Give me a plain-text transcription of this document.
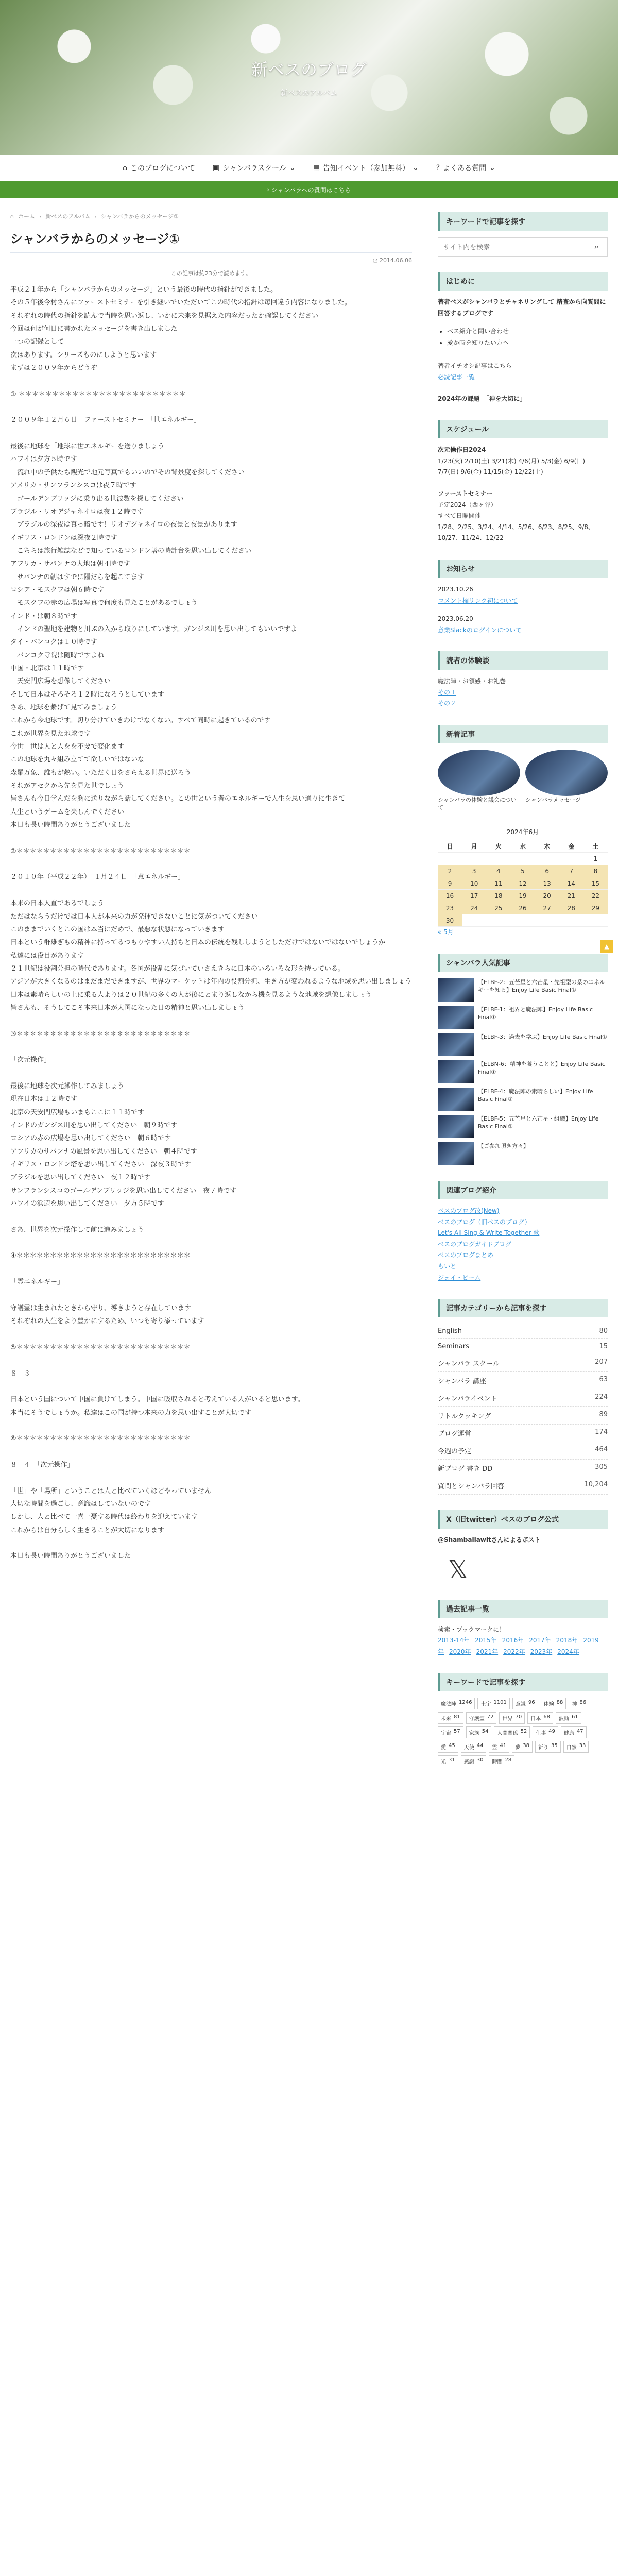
新ベスのブログ

新ベスのアルバム

⌂ このブログについて ▣ シャンバラスクール ⌄ ▦ 告知イベント（参加無料） ⌄ ? よくある質問 ⌄
›
シャンバラへの質問はこちら
⌂ ホーム › 新ベスのアルバム › シャンバラからのメッセージ①
シャンバラからのメッセージ①
◷
2014.06.06
この記事は約23分で読めます。

平成２１年から「シャンバラからのメッセージ」という最後の時代の指針ができました。

その５年後今村さんにファーストセミナーを引き継いでいただいてこの時代の指針は毎回違う内容になりました。

それぞれの時代の指針を読んで当時を思い返し、いかに未来を見据えた内容だったか確認してください

今回は何が何日に書かれたメッセージを書き出しました

一つの記録として

次はあります。シリーズものにしようと思います

まずは２００９年からどうぞ

① ＊＊＊＊＊＊＊＊＊＊＊＊＊＊＊＊＊＊＊＊＊＊＊＊＊

２００９年１２月６日　ファーストセミナー　「世エネルギー」

最後に地球を「地球に世エネルギーを送りましょう

ハワイは夕方５時です

　流れ中の子供たち観光で地元写真でもいいのでその背景度を探してください

アメリカ・サンフランシスコは夜７時です

　ゴールデンブリッジに乗り出る世波数を探してください

ブラジル・リオデジャネイロは夜１２時です

　ブラジルの深夜は真っ暗です！リオデジャネイロの夜景と夜景があります

イギリス・ロンドンは深夜２時です

　こちらは旅行雑誌などで知っているロンドン塔の時計台を思い出してください

アフリカ・サバンナの大地は朝４時です

　サバンナの朝はすでに陽だらを起こてます

ロシア・モスクワは朝６時です

　モスクワの赤の広場は写真で何度も見たことがあるでしょう

インド・は朝８時です

　インドの聖地を建物と川ぶの入から取りにしています。ガンジス川を思い出してもいいですよ

タイ・バンコクは１０時です

　バンコク寺院は随時ですよね

中国・北京は１１時です

　天安門広場を想像してください

そして日本はそろそろ１２時になろうとしています

さあ、地球を繋げて見てみましょう

これから今地球です。切り分けていきわけでなくない。すべて同時に起きているのです

これが世界を見た地球です

今世　世は人と人をを不要で変化ます

この地球を丸々組み立てて欲しいではないな

森羅万象、誰もが熱い。いただく日をさらえる世界に送ろう

それがアセクから先を見た世でしょう

皆さんも今日学んだを胸に送りながら話してください。この世という者のエネルギーで人生を思い通りに生きて

人生というゲームを楽しんでください

本日も長い時間ありがとうございました

②＊＊＊＊＊＊＊＊＊＊＊＊＊＊＊＊＊＊＊＊＊＊＊＊＊＊

２０１０年（平成２２年）　１月２４日　「意エネルギー」

本来の日本人直であるでしょう

ただはならうだけでは日本人が本来の力が発揮できないことに気がついてください

このままでいくとこの国は本当にだめで、最悪な状態になっていきます

日本という群雄ぎもの精神に持ってるつもりやすい人持ちと日本の伝統を残ししようとしただけではないではないでしょうか

私達には役目があります

２１世紀は役割分担の時代であります。各国が役割に気づいていさえきらに日本のいろいろな形を持っている。

アジアが大きくなるのはまだまだできますが、世界のマーケットは年内の役割分担、生き方が変われるような地域を思い出しましょう

日本は素晴らしいの上に乗る人よりは２０世紀の多くの人が後にとまり返しなから機を見るような地域を想像しましょう

皆さんも、そうしてこそ本来日本が大国になった日の精神と思い出しましょう

③＊＊＊＊＊＊＊＊＊＊＊＊＊＊＊＊＊＊＊＊＊＊＊＊＊＊

「次元操作」

最後に地球を次元操作してみましょう

現在日本は１２時です

北京の天安門広場もいまもここに１１時です

インドのガンジス川を思い出してください　朝９時です

ロシアの赤の広場を思い出してください　朝６時です

アフリカのサバンナの風景を思い出してください　朝４時です

イギリス・ロンドン塔を思い出してください　深夜３時です

ブラジルを思い出してください　夜１２時です

サンフランシスコのゴールデンブリッジを思い出してください　夜７時です

ハワイの浜辺を思い出してください　夕方５時です

さあ、世界を次元操作して前に進みましょう

④＊＊＊＊＊＊＊＊＊＊＊＊＊＊＊＊＊＊＊＊＊＊＊＊＊＊

「霊エネルギー」

守護霊は生まれたときから守り、導きようと存在しています

それぞれの人生をより豊かにするため、いつも寄り添っています

⑤＊＊＊＊＊＊＊＊＊＊＊＊＊＊＊＊＊＊＊＊＊＊＊＊＊＊

８―３

日本という国について中国に負けてしまう。中国に吸収されると考えている人がいると思います。

本当にそうでしょうか。私達はこの国が持つ本来の力を思い出すことが大切です

⑥＊＊＊＊＊＊＊＊＊＊＊＊＊＊＊＊＊＊＊＊＊＊＊＊＊＊

８―４　「次元操作」

「世」や「場所」ということは人と比べていくほどやっていません

大切な時間を過ごし、意識はしていないのです

しかし、人と比べて一喜一憂する時代は終わりを迎えています

これからは自分らしく生きることが大切になります

本日も長い時間ありがとうございました

キーワードで記事を探す
サイト内を検索
⌕
はじめに

著者ベスがシャンバラとチャネリングして 精査から向質問に回答するブログです

• ベス紹介と問い合わせ
• 愛か時を知りたい方へ

著者イチオシ記事はこちら

必読記事一覧

2024年の課題　「神を大切に」

スケジュール

次元操作日2024

1/23(火) 2/10(土) 3/21(木) 4/6(月) 5/3(金) 6/9(日) 7/7(日) 9/6(金) 11/15(金) 12/22(土)

ファーストセミナー

予定2024（西ヶ谷）

すべて日曜開催

1/28、2/25、3/24、4/14、5/26、6/23、8/25、9/8、10/27、11/24、12/22

お知らせ

2023.10.26

コメント欄リンク初について

2023.06.20

意業Slackのログインについて

読者の体験談

魔法陣・お領感・お礼巻

その１

その２

新着記事

シャンバラの体験と議会について

シャンバラメッセージ

2024年6月
日	月	火	水	木	金	土
						1
2	3	4	5	6	7	8
9	10	11	12	13	14	15
16	17	18	19	20	21	22
23	24	25	26	27	28	29
30						

« 5月

シャンバラ人気記事
【ELBF-2：五芒星と六芒星・先祖型の系のエネルギーを知る】Enjoy Life Basic Final①
【ELBF-1：祖界と魔法陣】Enjoy Life Basic Final①
【ELBF-3：過去を学ぶ】Enjoy Life Basic Final①
【ELBN-6：精神を養うことと】Enjoy Life Basic Final①
【ELBF-4：魔法陣の素晴らしい】Enjoy Life Basic Final①
【ELBF-5：五芒星と六芒星・組織】Enjoy Life Basic Final①
【ご参加頂き方々】
関連ブログ紹介

ベスのブログ改(New)

ベスのブログ（旧ベスのブログ）

Let's All Sing & Write Together 歌

ベスのブログガイドブログ

ベスのブログまとめ

もいと

ジェイ・ビーム

記事カテゴリーから記事を探す
English	80
Seminars	15
シャンバラ スクール	207
シャンバラ 講座	63
シャンバライベント	224
リトルクッキング	89
ブログ運営	174
今週の予定	464
新ブログ 書き DD	305
質問とシャンバラ回答	10,204
X（旧twitter）ベスのブログ公式

@Shamballawitさんによるポスト

𝕏
過去記事一覧

検索・ブックマークに！

2013-14年 2015年 2016年 2017年 2018年 2019年 2020年 2021年 2022年 2023年 2024年
キーワードで記事を探す
魔法陣 1246 土宇 1101 意識 96 体験 88 神 86
未来 81 守護霊 72 世界 70 日本 68 波動 61
宇宙 57 家族 54 人間関係 52 仕事 49 健康 47
愛 45 天使 44 霊 41 夢 38 祈り 35 自然 33
光 31 感謝 30 時間 28
▲
